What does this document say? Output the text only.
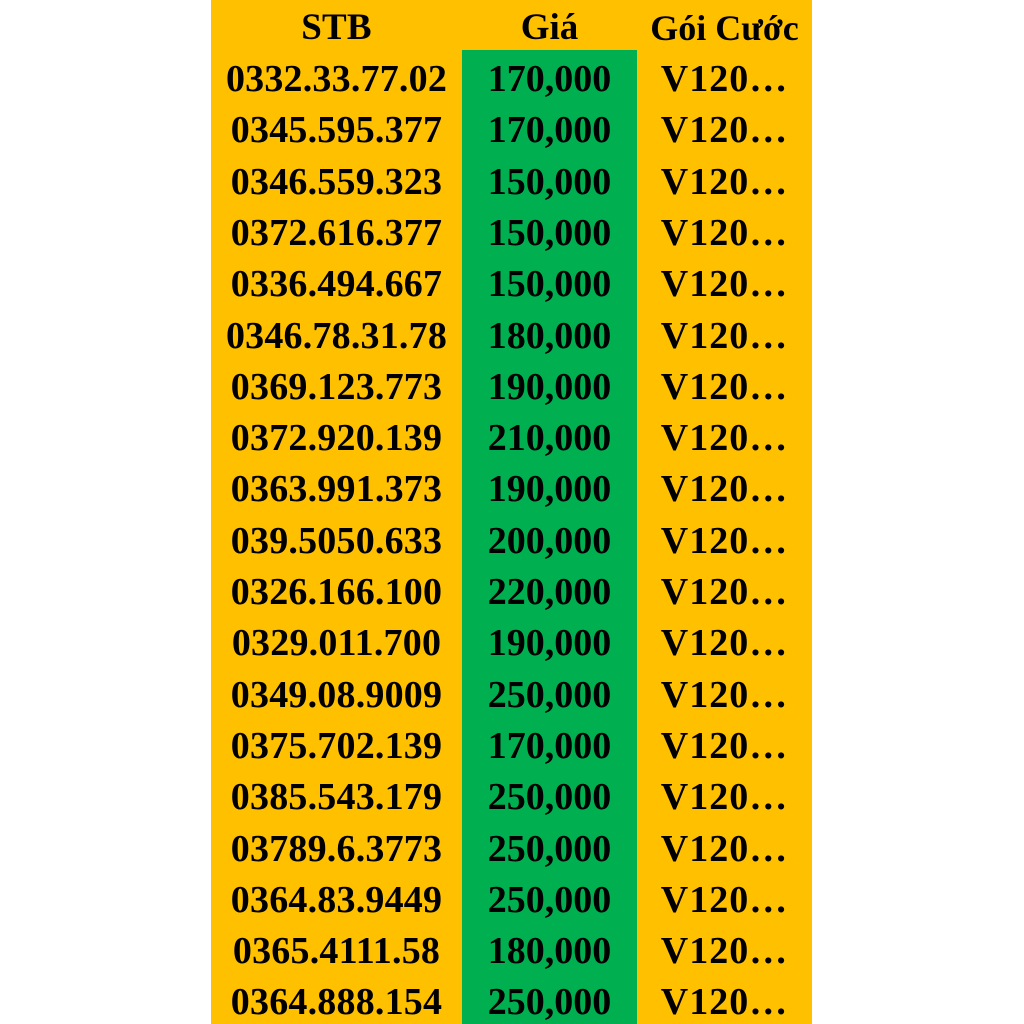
STB	Giá	Gói Cước
0332.33.77.02	170,000	V120…
0345.595.377	170,000	V120…
0346.559.323	150,000	V120…
0372.616.377	150,000	V120…
0336.494.667	150,000	V120…
0346.78.31.78	180,000	V120…
0369.123.773	190,000	V120…
0372.920.139	210,000	V120…
0363.991.373	190,000	V120…
039.5050.633	200,000	V120…
0326.166.100	220,000	V120…
0329.011.700	190,000	V120…
0349.08.9009	250,000	V120…
0375.702.139	170,000	V120…
0385.543.179	250,000	V120…
03789.6.3773	250,000	V120…
0364.83.9449	250,000	V120…
0365.4111.58	180,000	V120…
0364.888.154	250,000	V120…
